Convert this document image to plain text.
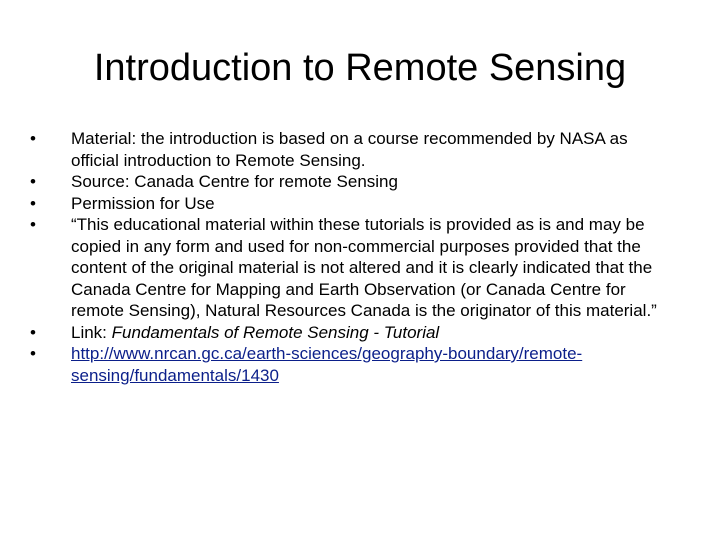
Introduction to Remote Sensing
•	Material: the introduction is based on a course recommended by NASA as official introduction to Remote Sensing.
•	Source: Canada Centre for remote Sensing
•	Permission for Use
•	“This educational material within these tutorials is provided as is and may be copied in any form and used for non-commercial purposes provided that the content of the original material is not altered and it is clearly indicated that the Canada Centre for Mapping and Earth Observation (or Canada Centre for remote Sensing), Natural Resources Canada is the originator of this material.”
•	Link: Fundamentals of Remote Sensing - Tutorial
•	http://www.nrcan.gc.ca/earth-sciences/geography-boundary/remote-sensing/fundamentals/1430
